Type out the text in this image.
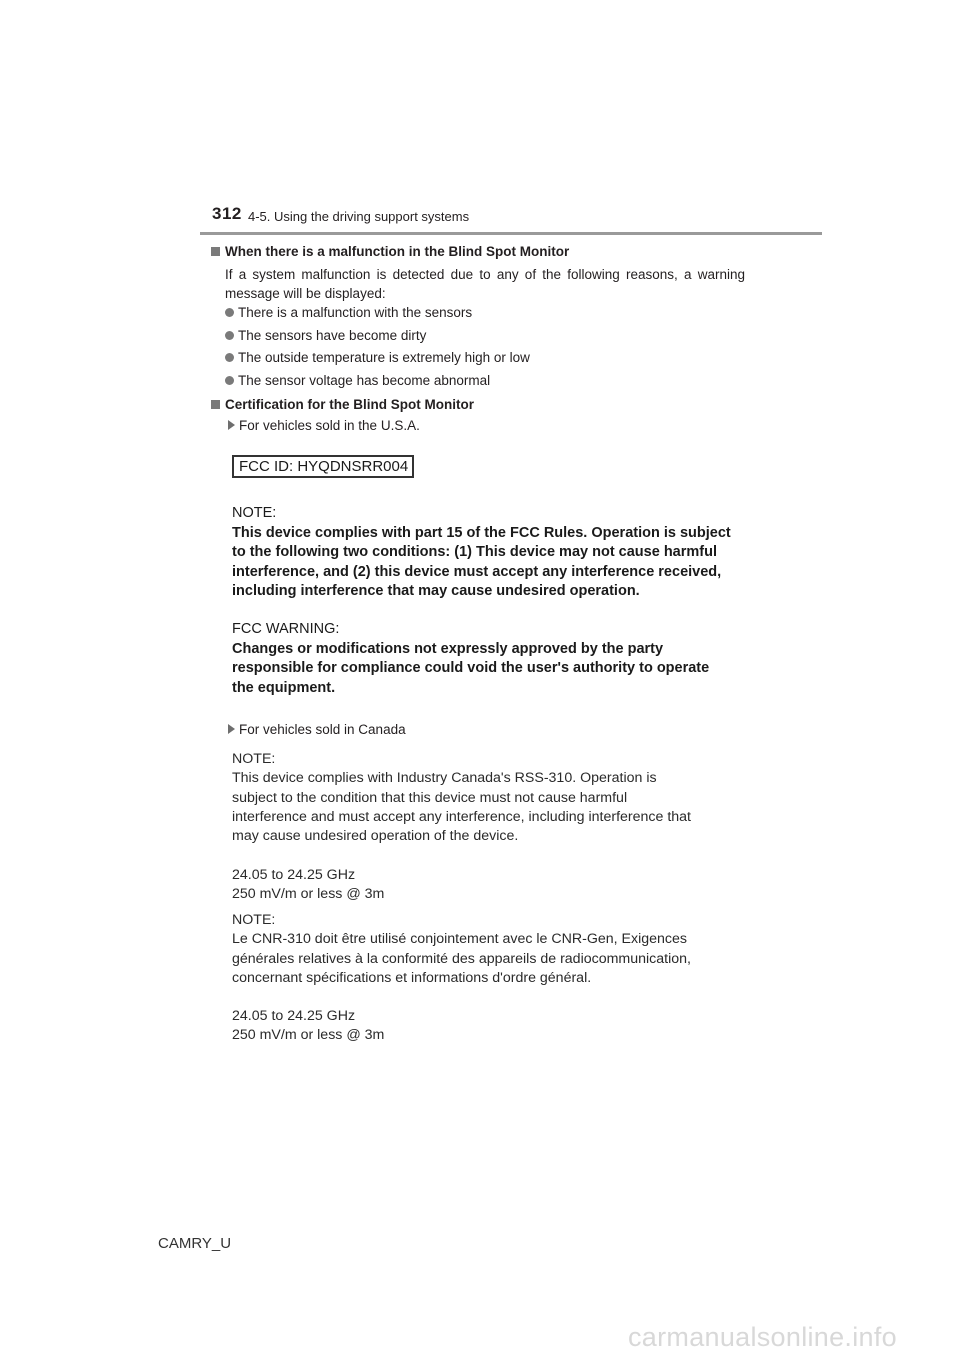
312 4-5. Using the driving support systems
When there is a malfunction in the Blind Spot Monitor
If a system malfunction is detected due to any of the following reasons, a warning message will be displayed:
There is a malfunction with the sensors
The sensors have become dirty
The outside temperature is extremely high or low
The sensor voltage has become abnormal
Certification for the Blind Spot Monitor
For vehicles sold in the U.S.A.
FCC ID: HYQDNSRR004
NOTE:
This device complies with part 15 of the FCC Rules. Operation is subject
to the following two conditions: (1) This device may not cause harmful
interference, and (2) this device must accept any interference received,
including interference that may cause undesired operation.
FCC WARNING:
Changes or modifications not expressly approved by the party
responsible for compliance could void the user's authority to operate
the equipment.
For vehicles sold in Canada
NOTE:
This device complies with Industry Canada's RSS-310. Operation is
subject to the condition that this device must not cause harmful
interference and must accept any interference, including interference that
may cause undesired operation of the device.
24.05 to 24.25 GHz
250 mV/m or less @ 3m
NOTE:
Le CNR-310 doit être utilisé conjointement avec le CNR-Gen, Exigences
générales relatives à la conformité des appareils de radiocommunication,
concernant spécifications et informations d'ordre général.
24.05 to 24.25 GHz
250 mV/m or less @ 3m
CAMRY_U
carmanualsonline.info
